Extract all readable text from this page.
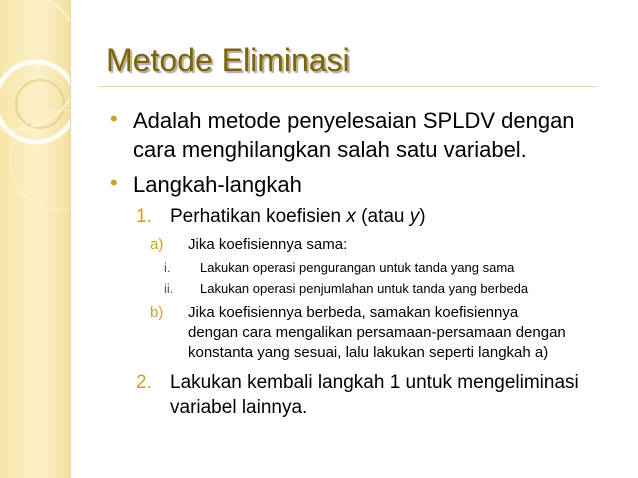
Metode Eliminasi
• Adalah metode penyelesaian SPLDV dengan
cara menghilangkan salah satu variabel.
• Langkah-langkah
1. Perhatikan koefisien x (atau y)
a) Jika koefisiennya sama:
i. Lakukan operasi pengurangan untuk tanda yang sama
ii. Lakukan operasi penjumlahan untuk tanda yang berbeda
b) Jika koefisiennya berbeda, samakan koefisiennya
dengan cara mengalikan persamaan-persamaan dengan
konstanta yang sesuai, lalu lakukan seperti langkah a)
2. Lakukan kembali langkah 1 untuk mengeliminasi
variabel lainnya.
